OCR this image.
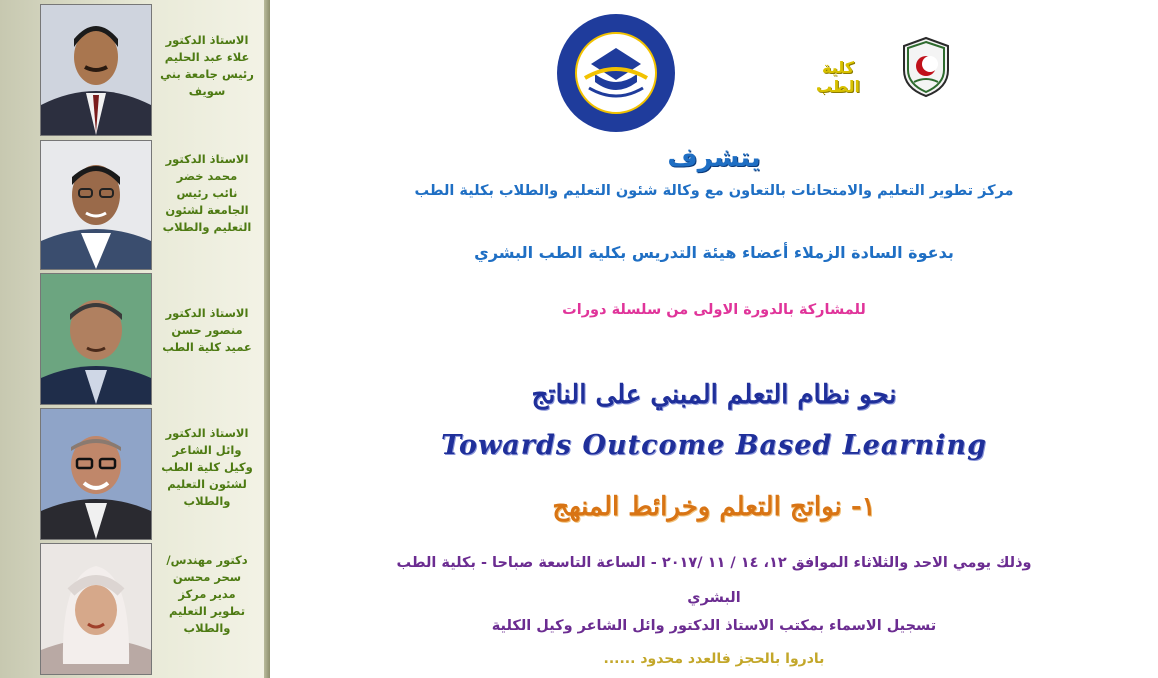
الاستاذ الدكتور
علاء عبد الحليم
رئيس جامعة بني
سويف
الاستاذ الدكتور
محمد خضر
نائب رئيس
الجامعة لشئون
التعليم والطلاب
الاستاذ الدكتور
منصور حسن
عميد كلية الطب
الاستاذ الدكتور
وائل الشاعر
وكيل كلية الطب
لشئون التعليم
والطلاب
دكتور مهندس/
سحر محسن
مدير مركز
تطوير التعليم
والطلاب
كلية الطب
يتشرف
مركز تطوير التعليم والامتحانات بالتعاون مع وكالة شئون التعليم والطلاب بكلية الطب
بدعوة السادة الزملاء أعضاء هيئة التدريس بكلية الطب البشري
للمشاركة بالدورة الاولى من سلسلة دورات
نحو نظام التعلم المبني على الناتج
Towards Outcome Based Learning
١- نواتج التعلم وخرائط المنهج
وذلك يومي الاحد والثلاثاء الموافق ١٢، ١٤ / ١١ /٢٠١٧ - الساعة التاسعة صباحا - بكلية الطب
البشري
تسجيل الاسماء بمكتب الاستاذ الدكتور وائل الشاعر وكيل الكلية
بادروا بالحجز فالعدد محدود ......
